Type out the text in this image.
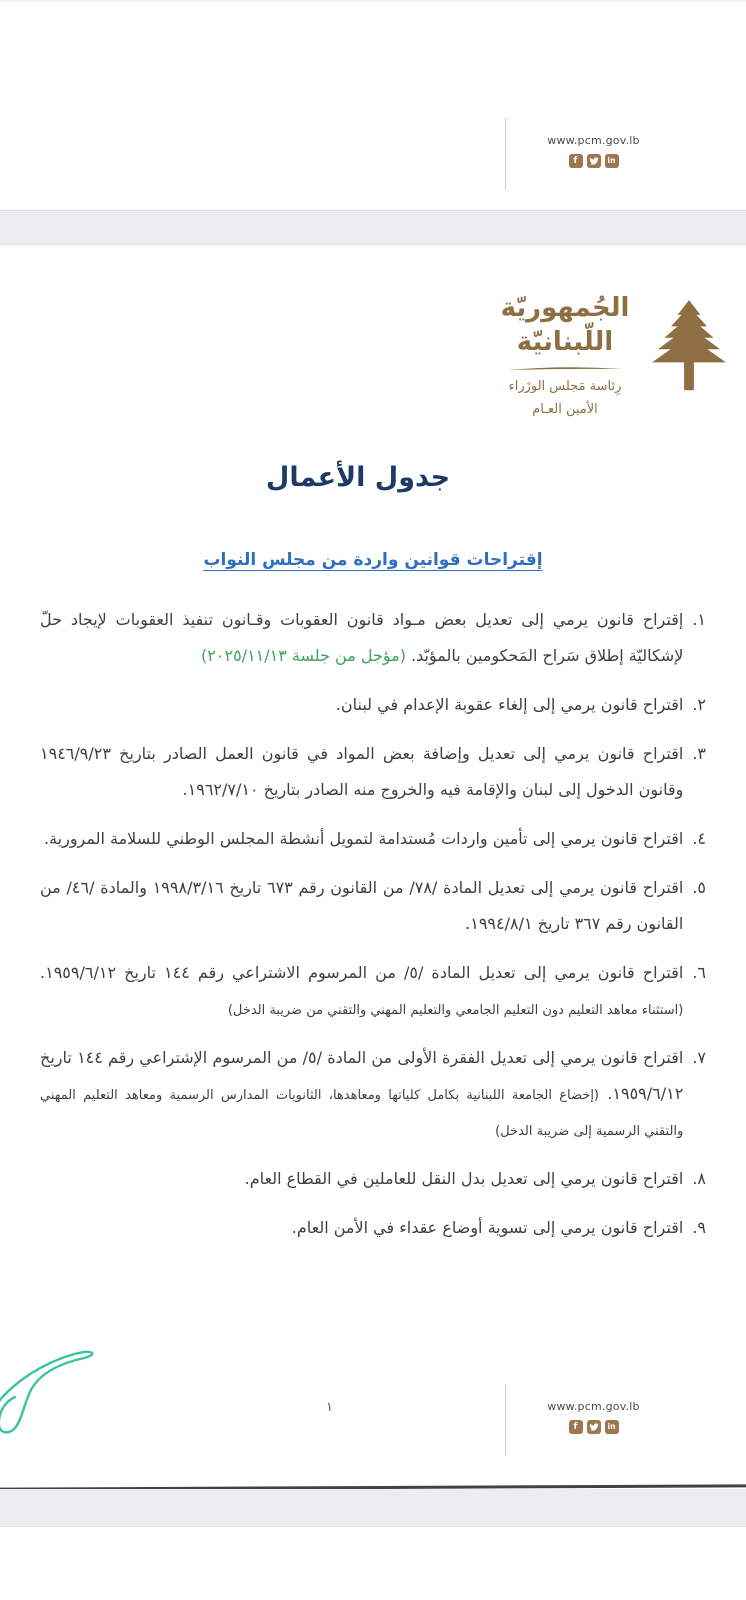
www.pcm.gov.lb
f	in
الجُمهوريّة
اللّبنانيّة
رِئاسة مَجلس الوزَراء
الأمين العـام
جدول الأعمال
إقتراحات قوانين واردة من مجلس النواب
١.
إقتراح قانون يرمي إلى تعديل بعض مـواد قانون العقوبات وقـانون تنفيذ العقوبات لإيجاد حلّ لإشكاليّة إطلاق سَراح المَحكومين بالمؤبّد. (مؤجل من جلسة ٢٠٢٥/١١/١٣)
٢.
اقتراح قانون يرمي إلى إلغاء عقوبة الإعدام في لبنان.
٣.
اقتراح قانون يرمي إلى تعديل وإضافة بعض المواد في قانون العمل الصادر بتاريخ ١٩٤٦/٩/٢٣ وقانون الدخول إلى لبنان والإقامة فيه والخروج منه الصادر بتاريخ ١٩٦٢/٧/١٠.
٤.
اقتراح قانون يرمي إلى تأمين واردات مُستدامة لتمويل أنشطة المجلس الوطني للسلامة المرورية.
٥.
اقتراح قانون يرمي إلى تعديل المادة /٧٨/ من القانون رقم ٦٧٣ تاريخ ١٩٩٨/٣/١٦ والمادة /٤٦/ من القانون رقم ٣٦٧ تاريخ ١٩٩٤/٨/١.
٦.
اقتراح قانون يرمي إلى تعديل المادة /٥/ من المرسوم الاشتراعي رقم ١٤٤ تاريخ ١٩٥٩/٦/١٢. (استثناء معاهد التعليم دون التعليم الجامعي والتعليم المهني والتقني من ضريبة الدخل)
٧.
اقتراح قانون يرمي إلى تعديل الفقرة الأولى من المادة /٥/ من المرسوم الإشتراعي رقم ١٤٤ تاريخ ١٩٥٩/٦/١٢. (إخضاع الجامعة اللبنانية بكامل كلياتها ومعاهدها، الثانويات المدارس الرسمية ومعاهد التعليم المهني والتقني الرسمية إلى ضريبة الدخل)
٨.
اقتراح قانون يرمي إلى تعديل بدل النقل للعاملين في القطاع العام.
٩.
اقتراح قانون يرمي إلى تسوية أوضاع عقداء في الأمن العام.
١	www.pcm.gov.lb
f	in
